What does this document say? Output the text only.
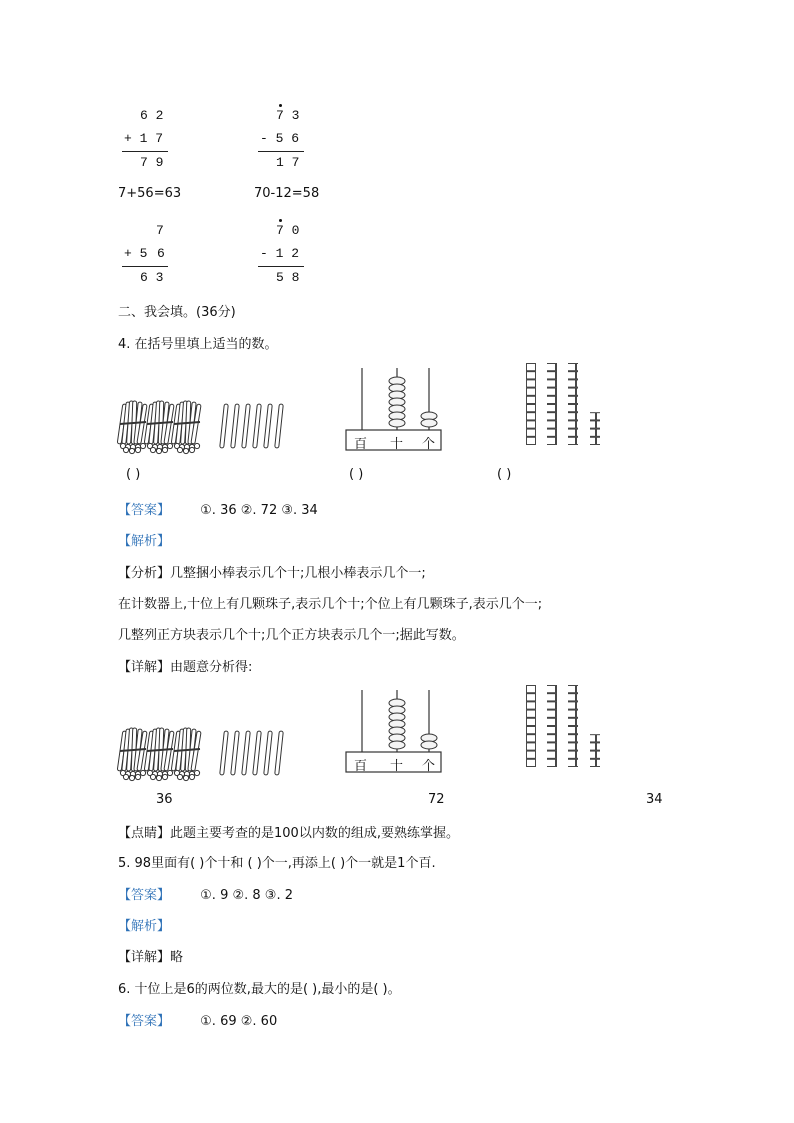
6 2
+ 1 7
7 9
7 3
- 5 6
1 7
7+56=63	70-12=58
7
+ 5 6
6 3
7 0
- 1 2
5 8
二、我会填。(36分)
4. 在括号里填上适当的数。
百 十 个
( )	( )	( )
【答案】 ①. 36 ②. 72 ③. 34
【解析】
【分析】几整捆小棒表示几个十;几根小棒表示几个一;
在计数器上,十位上有几颗珠子,表示几个十;个位上有几颗珠子,表示几个一;
几整列正方块表示几个十;几个正方块表示几个一;据此写数。
【详解】由题意分析得:
百 十 个
36	72	34
【点睛】此题主要考查的是100以内数的组成,要熟练掌握。
5. 98里面有( )个十和 ( )个一,再添上( )个一就是1个百.
【答案】 ①. 9 ②. 8 ③. 2
【解析】
【详解】略
6. 十位上是6的两位数,最大的是( ),最小的是( )。
【答案】 ①. 69 ②. 60
